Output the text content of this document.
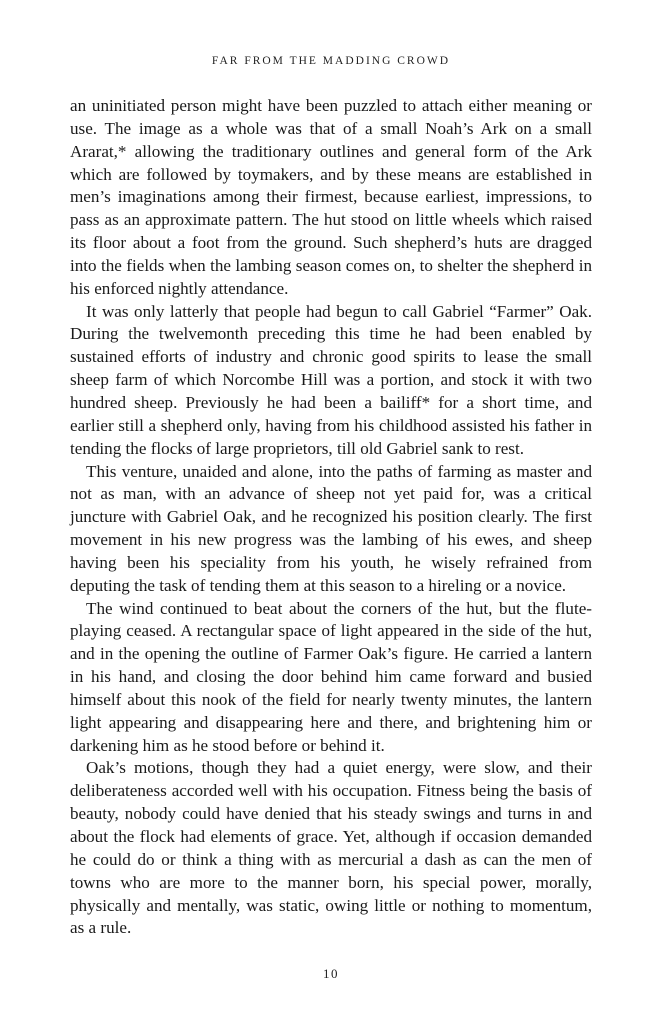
FAR FROM THE MADDING CROWD

an uninitiated person might have been puzzled to attach either meaning or use. The image as a whole was that of a small Noah’s Ark on a small Ararat,* allowing the traditionary outlines and general form of the Ark which are followed by toymakers, and by these means are established in men’s imaginations among their firmest, because earliest, impressions, to pass as an approximate pattern. The hut stood on little wheels which raised its floor about a foot from the ground. Such shepherd’s huts are dragged into the fields when the lambing season comes on, to shelter the shepherd in his enforced nightly attendance.

It was only latterly that people had begun to call Gabriel “Farmer” Oak. During the twelvemonth preceding this time he had been enabled by sustained efforts of industry and chronic good spirits to lease the small sheep farm of which Norcombe Hill was a portion, and stock it with two hundred sheep. Previously he had been a bailiff* for a short time, and earlier still a shepherd only, having from his childhood assisted his father in tending the flocks of large proprietors, till old Gabriel sank to rest.

This venture, unaided and alone, into the paths of farming as master and not as man, with an advance of sheep not yet paid for, was a critical juncture with Gabriel Oak, and he recognized his position clearly. The first movement in his new progress was the lambing of his ewes, and sheep having been his speciality from his youth, he wisely refrained from deputing the task of tending them at this season to a hireling or a novice.

The wind continued to beat about the corners of the hut, but the flute-playing ceased. A rectangular space of light appeared in the side of the hut, and in the opening the outline of Farmer Oak’s figure. He carried a lantern in his hand, and closing the door behind him came forward and busied himself about this nook of the field for nearly twenty minutes, the lantern light appearing and disappearing here and there, and brightening him or darkening him as he stood before or behind it.

Oak’s motions, though they had a quiet energy, were slow, and their deliberateness accorded well with his occupation. Fitness being the basis of beauty, nobody could have denied that his steady swings and turns in and about the flock had elements of grace. Yet, although if occasion demanded he could do or think a thing with as mercurial a dash as can the men of towns who are more to the manner born, his special power, morally, physically and mentally, was static, owing little or nothing to momentum, as a rule.

10
